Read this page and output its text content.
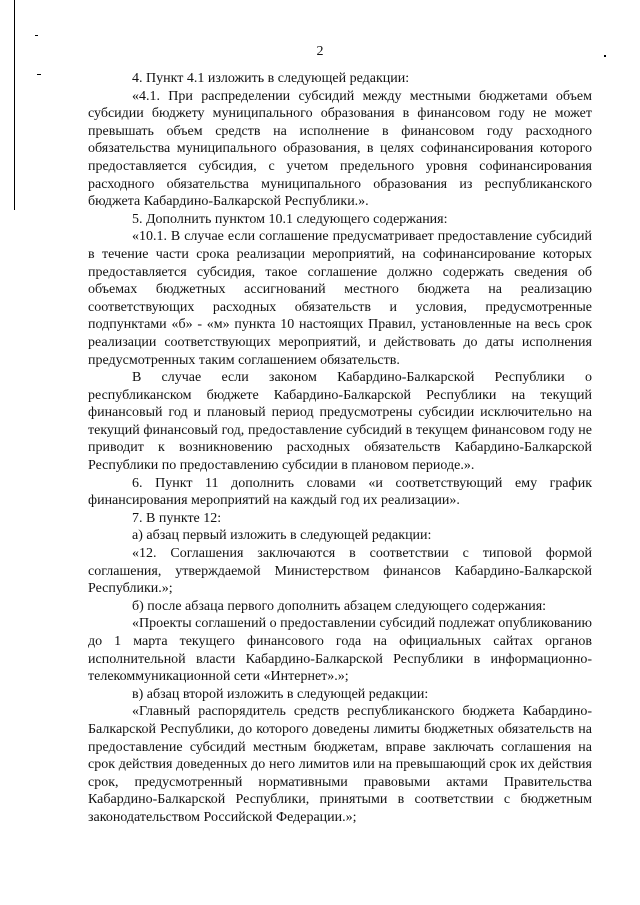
2

4. Пункт 4.1 изложить в следующей редакции:

«4.1. При распределении субсидий между местными бюджетами объем субсидии бюджету муниципального образования в финансовом году не может превышать объем средств на исполнение в финансовом году расходного обязательства муниципального образования, в целях софинансирования которого предоставляется субсидия, с учетом предельного уровня софинансирования расходного обязательства муниципального образования из республиканского бюджета Кабардино-Балкарской Республики.».

5. Дополнить пунктом 10.1 следующего содержания:

«10.1. В случае если соглашение предусматривает предоставление субсидий в течение части срока реализации мероприятий, на софинансирование которых предоставляется субсидия, такое соглашение должно содержать сведения об объемах бюджетных ассигнований местного бюджета на реализацию соответствующих расходных обязательств и условия, предусмотренные подпунктами «б» - «м» пункта 10 настоящих Правил, установленные на весь срок реализации соответствующих мероприятий, и действовать до даты исполнения предусмотренных таким соглашением обязательств.

В случае если законом Кабардино-Балкарской Республики о республиканском бюджете Кабардино-Балкарской Республики на текущий финансовый год и плановый период предусмотрены субсидии исключительно на текущий финансовый год, предоставление субсидий в текущем финансовом году не приводит к возникновению расходных обязательств Кабардино-Балкарской Республики по предоставлению субсидии в плановом периоде.».

6. Пункт 11 дополнить словами «и соответствующий ему график финансирования мероприятий на каждый год их реализации».

7. В пункте 12:

а) абзац первый изложить в следующей редакции:

«12. Соглашения заключаются в соответствии с типовой формой соглашения, утверждаемой Министерством финансов Кабардино-Балкарской Республики.»;

б) после абзаца первого дополнить абзацем следующего содержания:

«Проекты соглашений о предоставлении субсидий подлежат опубликованию до 1 марта текущего финансового года на официальных сайтах органов исполнительной власти Кабардино-Балкарской Республики в информационно-телекоммуникационной сети «Интернет».»;

в) абзац второй изложить в следующей редакции:

«Главный распорядитель средств республиканского бюджета Кабардино-Балкарской Республики, до которого доведены лимиты бюджетных обязательств на предоставление субсидий местным бюджетам, вправе заключать соглашения на срок действия доведенных до него лимитов или на превышающий срок их действия срок, предусмотренный нормативными правовыми актами Правительства Кабардино-Балкарской Республики, принятыми в соответствии с бюджетным законодательством Российской Федерации.»;
